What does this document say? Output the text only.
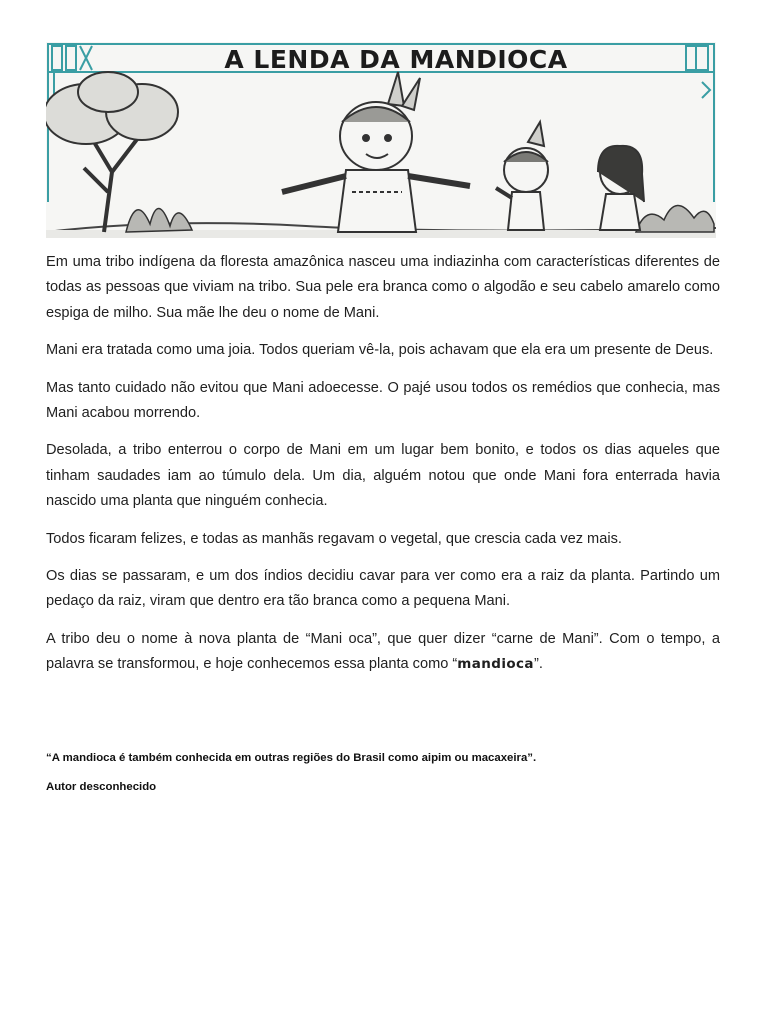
A LENDA DA MANDIOCA

Em uma tribo indígena da floresta amazônica nasceu uma indiazinha com características diferentes de todas as pessoas que viviam na tribo. Sua pele era branca como o algodão e seu cabelo amarelo como espiga de milho. Sua mãe lhe deu o nome de Mani.

Mani era tratada como uma joia. Todos queriam vê-la, pois achavam que ela era um presente de Deus.

Mas tanto cuidado não evitou que Mani adoecesse. O pajé usou todos os remédios que conhecia, mas Mani acabou morrendo.

Desolada, a tribo enterrou o corpo de Mani em um lugar bem bonito, e todos os dias aqueles que tinham saudades iam ao túmulo dela. Um dia, alguém notou que onde Mani fora enterrada havia nascido uma planta que ninguém conhecia.

Todos ficaram felizes, e todas as manhãs regavam o vegetal, que crescia cada vez mais.

Os dias se passaram, e um dos índios decidiu cavar para ver como era a raiz da planta. Partindo um pedaço da raiz, viram que dentro era tão branca como a pequena Mani.

A tribo deu o nome à nova planta de “Mani oca”, que quer dizer “carne de Mani”. Com o tempo, a palavra se transformou, e hoje conhecemos essa planta como “mandioca”.

“A mandioca é também conhecida em outras regiões do Brasil como aipim ou macaxeira”.

Autor desconhecido
